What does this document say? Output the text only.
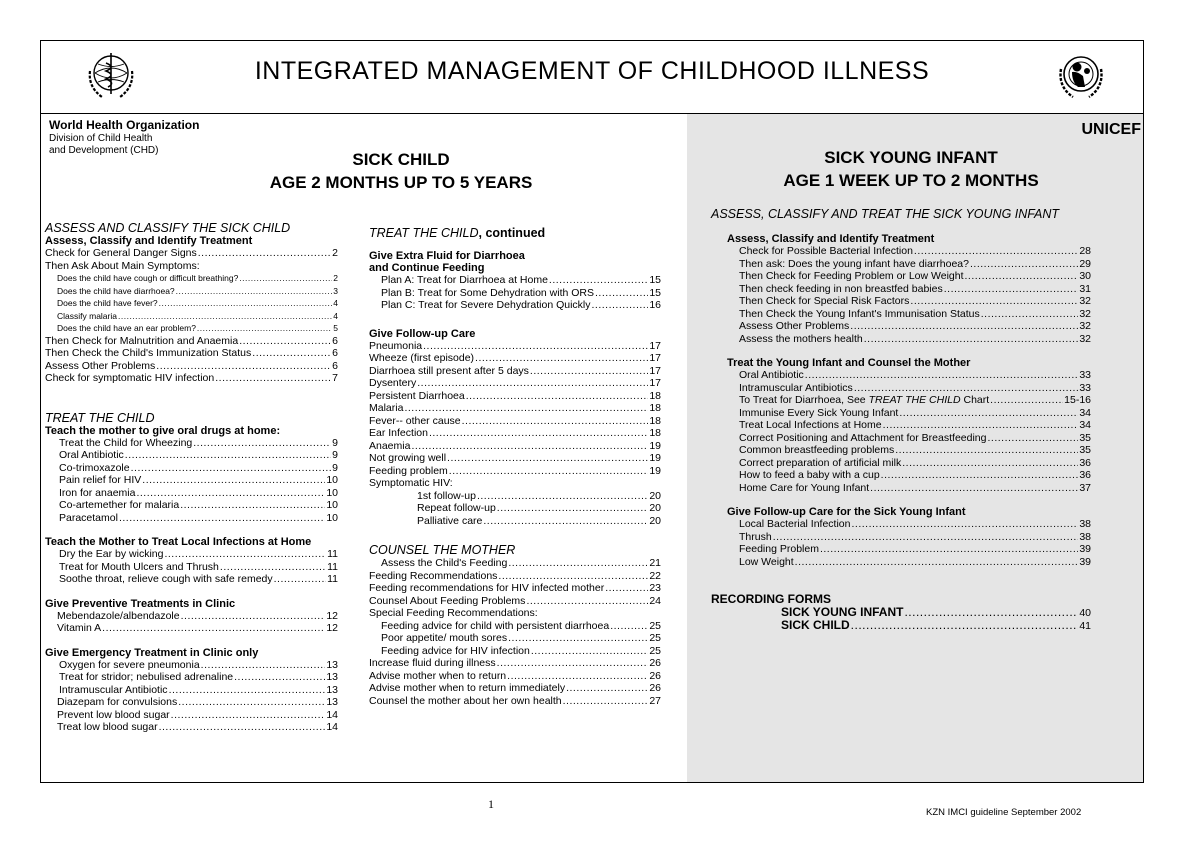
INTEGRATED MANAGEMENT OF CHILDHOOD ILLNESS
World Health Organization
Division of Child Health
and Development (CHD)
UNICEF
SICK CHILD
AGE 2 MONTHS UP TO 5 YEARS
SICK YOUNG INFANT
AGE 1 WEEK UP TO 2 MONTHS
ASSESS AND CLASSIFY THE SICK CHILD
Assess, Classify and Identify Treatment
Check for General Danger Signs .....	2
Then Ask About Main Symptoms:
Does the child have cough or difficult breathing? .....	2
Does the child have diarrhoea? .....	3
Does the child have fever? .....	4
Classify malaria .....	4
Does the child have an ear problem? .....	5
Then Check for Malnutrition and Anaemia .....	6
Then Check the Child's Immunization Status .....	6
Assess Other Problems .....	6
Check for symptomatic HIV infection .....	7
TREAT THE CHILD
Teach the mother to give oral drugs at home:
Treat the Child for Wheezing .....	9
Oral Antibiotic .....	9
Co-trimoxazole .....	9
Pain relief for HIV .....	10
Iron for anaemia .....	10
Co-artemether for malaria .....	10
Paracetamol .....	10
Teach the Mother to Treat Local Infections at Home
Dry the Ear by wicking .....	11
Treat for Mouth Ulcers and Thrush .....	11
Soothe throat, relieve cough with safe remedy .....	11
Give Preventive Treatments in Clinic
Mebendazole/albendazole .....	12
Vitamin A .....	12
Give Emergency Treatment in Clinic only
Oxygen for severe pneumonia .....	13
Treat for stridor; nebulised adrenaline .....	13
Intramuscular Antibiotic .....	13
Diazepam for convulsions .....	13
Prevent low blood sugar .....	14
Treat low blood sugar .....	14
TREAT THE CHILD, continued
Give Extra Fluid for Diarrhoea
and Continue Feeding
Plan A: Treat for Diarrhoea at Home .....	15
Plan B: Treat for Some Dehydration with ORS .....	15
Plan C: Treat for Severe Dehydration Quickly .....	16
Give Follow-up Care
Pneumonia .....	17
Wheeze (first episode) .....	17
Diarrhoea still present after 5 days .....	17
Dysentery .....	17
Persistent Diarrhoea .....	18
Malaria .....	18
Fever-- other cause .....	18
Ear Infection .....	18
Anaemia .....	19
Not growing well .....	19
Feeding problem .....	19
Symptomatic HIV:
1st follow-up .....	20
Repeat follow-up .....	20
Palliative care .....	20
COUNSEL THE MOTHER
Assess the Child's Feeding .....	21
Feeding Recommendations .....	22
Feeding recommendations for HIV infected mother .....	23
Counsel About Feeding Problems .....	24
Special Feeding Recommendations:
Feeding advice for child with persistent diarrhoea .....	25
Poor appetite/ mouth sores .....	25
Feeding advice for HIV infection .....	25
Increase fluid during illness .....	26
Advise mother when to return .....	26
Advise mother when to return immediately .....	26
Counsel the mother about her own health .....	27
ASSESS, CLASSIFY AND TREAT THE SICK YOUNG INFANT
Assess, Classify and Identify Treatment
Check for Possible Bacterial Infection .....	28
Then ask: Does the young infant have diarrhoea? .....	29
Then Check for Feeding Problem or Low Weight .....	30
Then check feeding in non breastfed babies .....	31
Then Check for Special Risk Factors .....	32
Then Check the Young Infant's Immunisation Status .....	32
Assess Other Problems .....	32
Assess the mothers health .....	32
Treat the Young Infant and Counsel the Mother
Oral Antibiotic .....	33
Intramuscular Antibiotics .....	33
To Treat for Diarrhoea, See TREAT THE CHILD Chart .....	15-16
Immunise Every Sick Young Infant .....	34
Treat Local Infections at Home .....	34
Correct Positioning and Attachment for Breastfeeding .....	35
Common breastfeeding problems .....	35
Correct preparation of artificial milk .....	36
How to feed a baby with a cup .....	36
Home Care for Young Infant .....	37
Give Follow-up Care for the Sick Young Infant
Local Bacterial Infection .....	38
Thrush .....	38
Feeding Problem .....	39
Low Weight .....	39
RECORDING FORMS
SICK YOUNG INFANT .....	40
SICK CHILD .....	41
1
KZN IMCI guideline September 2002
